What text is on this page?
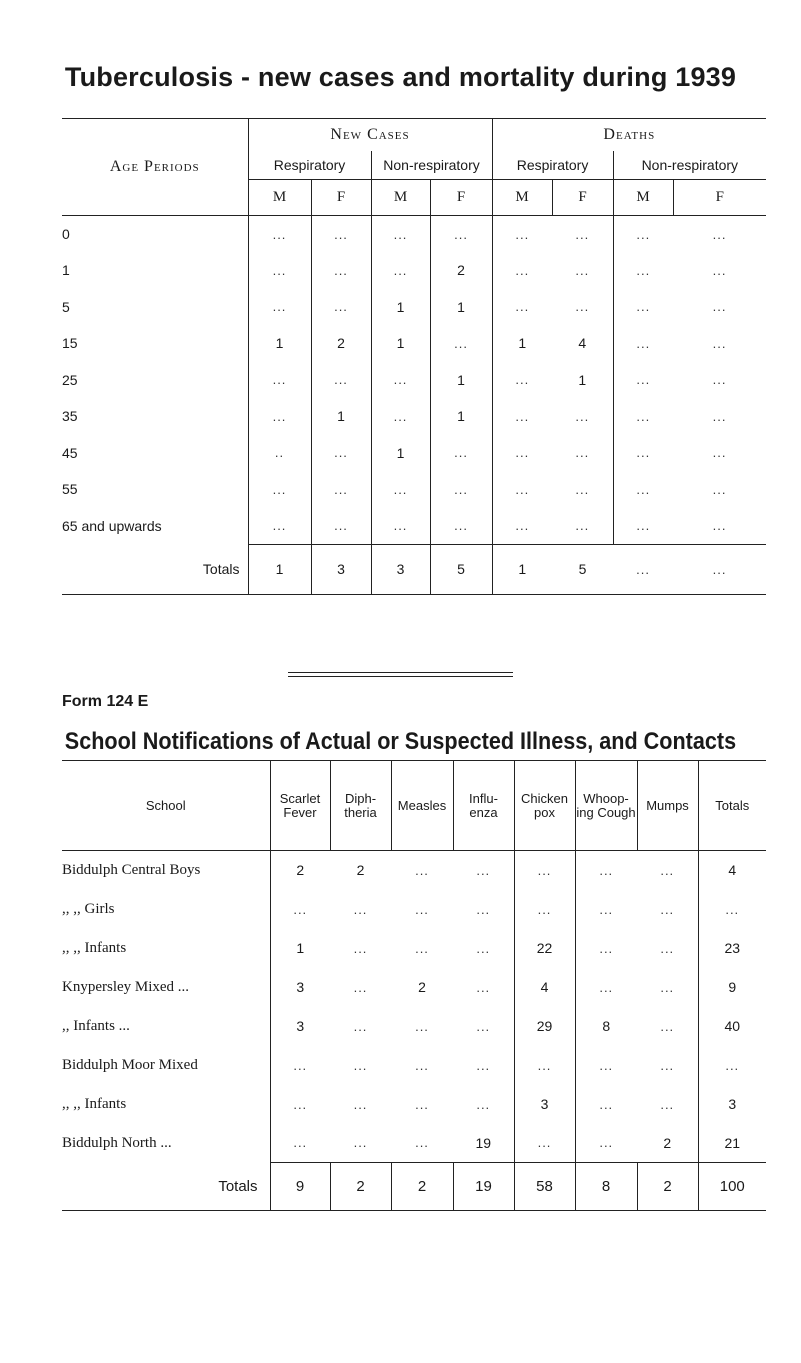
Tuberculosis - new cases and mortality during 1939
Age Periods	New Cases				Deaths			
	Respiratory		Non-respiratory		Respiratory		Non-respiratory	
	M	F	M	F	M	F	M	F
0	...	...	...	...	...	...	...	...
1	...	...	...	2	...	...	...	...
5	...	...	1	1	...	...	...	...
15	1	2	1	...	1	4	...	...
25	...	...	...	1	...	1	...	...
35	...	1	...	1	...	...	...	...
45	..	...	1	...	...	...	...	...
55	...	...	...	...	...	...	...	...
65 and upwards	...	...	...	...	...	...	...	...
Totals	1	3	3	5	1	5	...	...
Form 124 E
School Notifications of Actual or Suspected Illness, and Contacts
School	Scarlet Fever	Diph- theria	Measles	Influ- enza	Chicken pox	Whoop- ing Cough	Mumps	Totals
Biddulph Central Boys	2	2	...	...	...	...	...	4
,, ,, Girls	...	...	...	...	...	...	...	...
,, ,, Infants	1	...	...	...	22	...	...	23
Knypersley Mixed ...	3	...	2	...	4	...	...	9
,, Infants ...	3	...	...	...	29	8	...	40
Biddulph Moor Mixed	...	...	...	...	...	...	...	...
,, ,, Infants	...	...	...	...	3	...	...	3
Biddulph North ...	...	...	...	19	...	...	2	21
Totals	9	2	2	19	58	8	2	100
